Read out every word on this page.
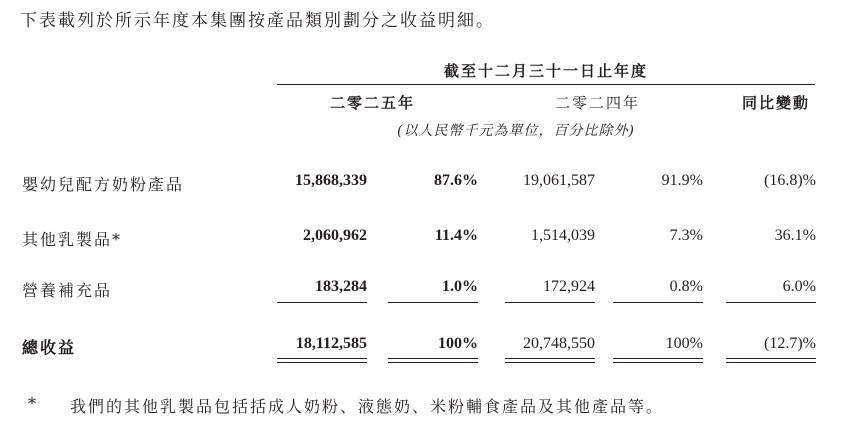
下表載列於所示年度本集團按產品類別劃分之收益明細。
截至十二月三十一日止年度
二零二五年	二零二四年	同比變動
(以人民幣千元為單位，百分比除外)
嬰幼兒配方奶粉產品	15,868,339	87.6%	19,061,587	91.9%	(16.8)%
其他乳製品*	2,060,962	11.4%	1,514,039	7.3%	36.1%
營養補充品	183,284	1.0%	172,924	0.8%	6.0%
總收益	18,112,585	100%	20,748,550	100%	(12.7)%
* 我們的其他乳製品包括括成人奶粉、液態奶、米粉輔食產品及其他產品等。
